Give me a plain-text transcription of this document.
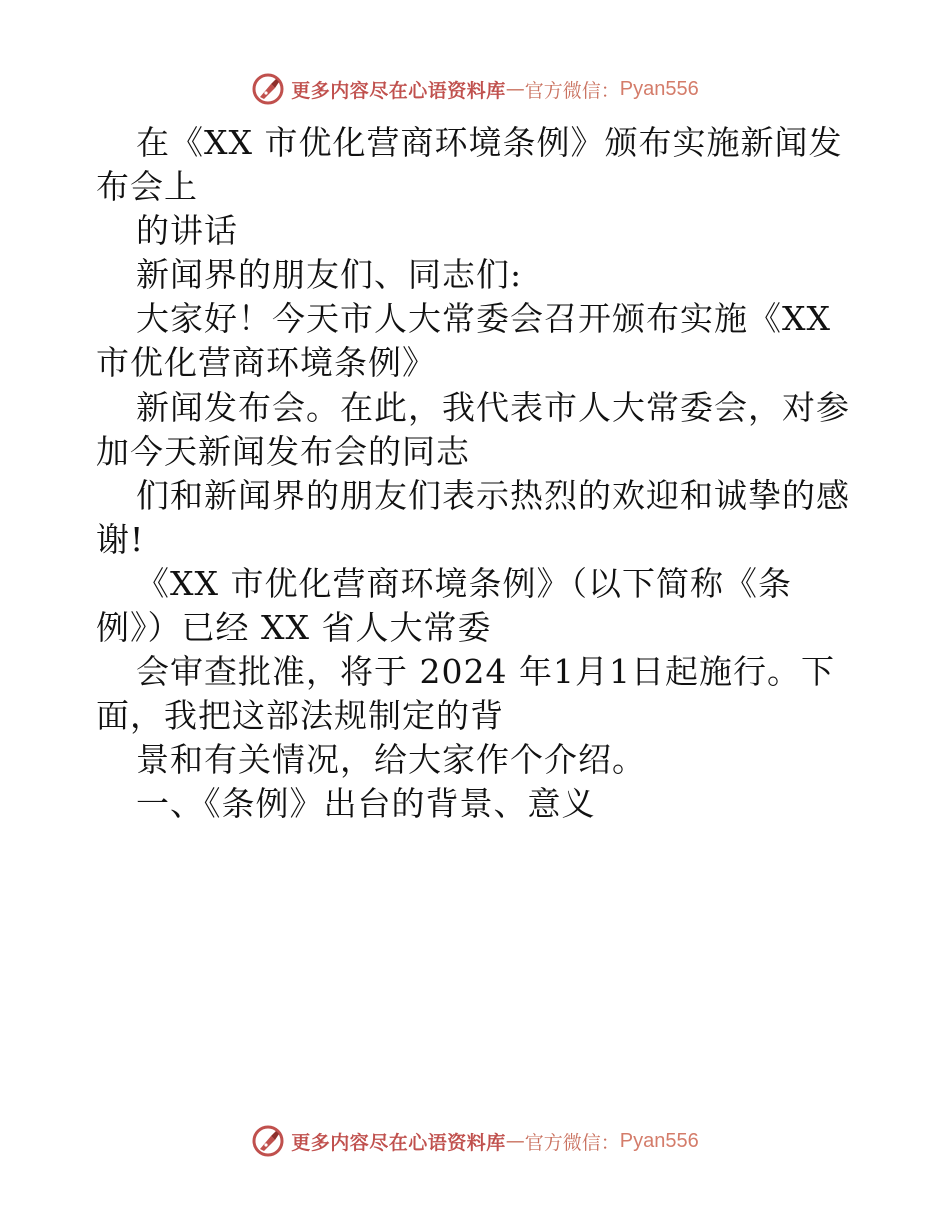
更多内容尽在心语资料库 — 官方微信： Pyan556
在《XX 市优化营商环境条例》颁布实施新闻发
布会上
的讲话
新闻界的朋友们、同志们:
大家好！今天市人大常委会召开颁布实施《XX
市优化营商环境条例》
新闻发布会。在此，我代表市人大常委会，对参
加今天新闻发布会的同志
们和新闻界的朋友们表示热烈的欢迎和诚挚的感
谢!
《XX 市优化营商环境条例》（以下简称《条
例》）已经 XX 省人大常委
会审查批准，将于 2024 年1月1日起施行。下
面，我把这部法规制定的背
景和有关情况，给大家作个介绍。
一、《条例》出台的背景、意义
更多内容尽在心语资料库 — 官方微信： Pyan556
